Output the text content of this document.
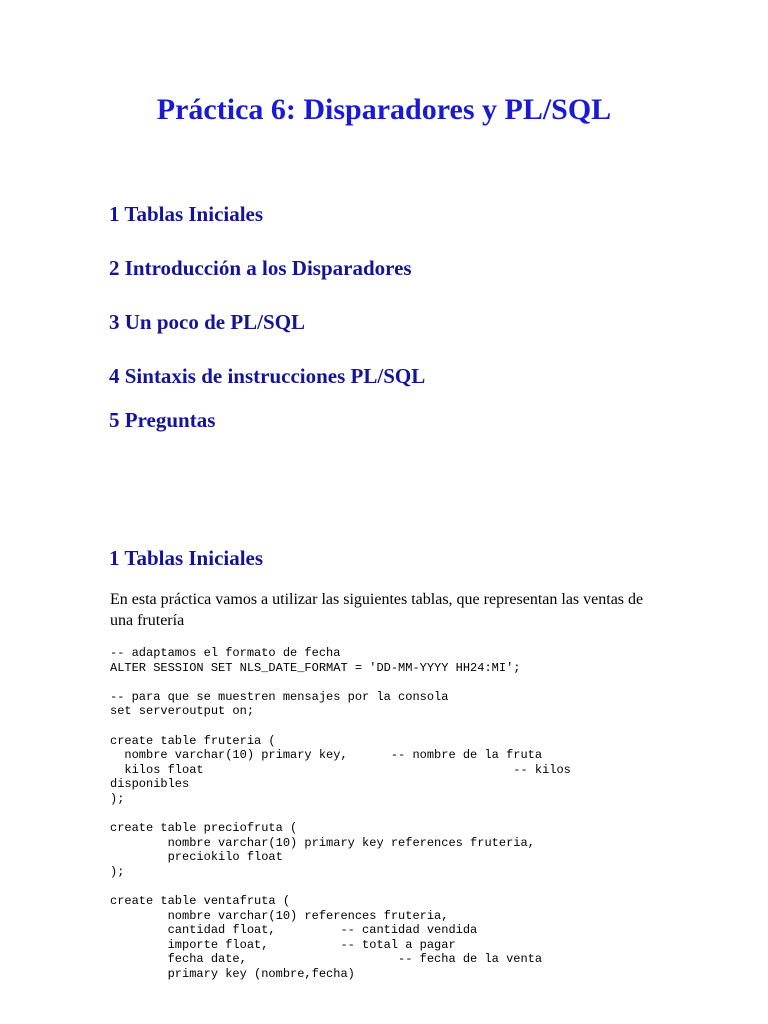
Práctica 6: Disparadores y PL/SQL
1 Tablas Iniciales
2 Introducción a los Disparadores
3 Un poco de PL/SQL
4 Sintaxis de instrucciones PL/SQL
5 Preguntas
1 Tablas Iniciales

En esta práctica vamos a utilizar las siguientes tablas, que representan las ventas de una frutería

-- adaptamos el formato de fecha
ALTER SESSION SET NLS_DATE_FORMAT = 'DD-MM-YYYY HH24:MI';

-- para que se muestren mensajes por la consola
set serveroutput on;

create table fruteria (
nombre varchar(10) primary key,      -- nombre de la fruta
kilos float                                           -- kilos
disponibles
);

create table preciofruta (
nombre varchar(10) primary key references fruteria,
preciokilo float
);

create table ventafruta (
nombre varchar(10) references fruteria,
cantidad float,         -- cantidad vendida
importe float,          -- total a pagar
fecha date,                     -- fecha de la venta
primary key (nombre,fecha)
